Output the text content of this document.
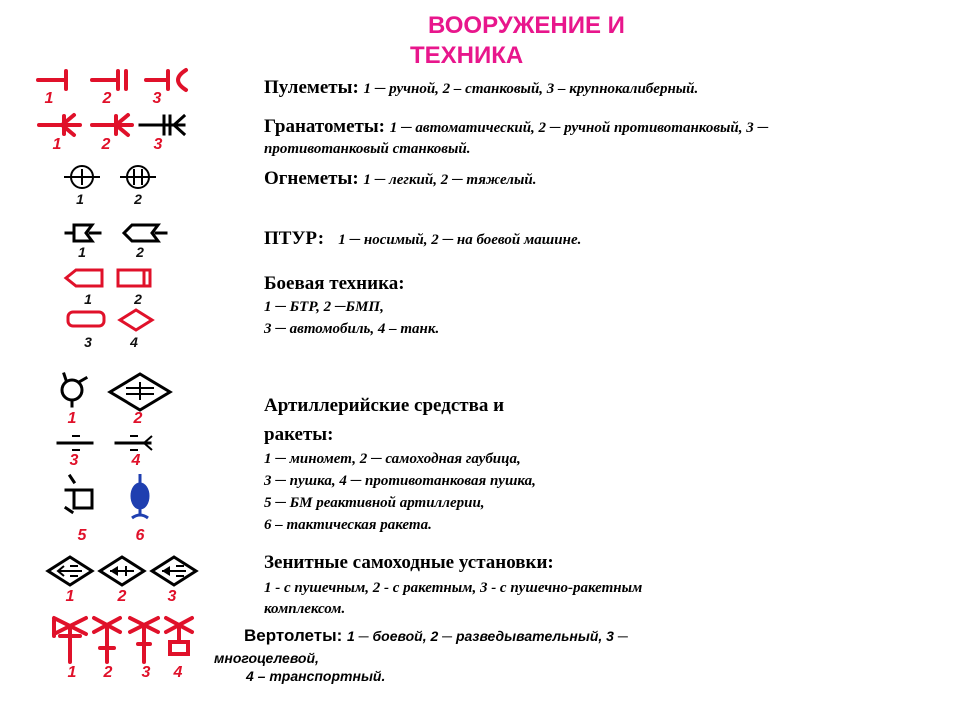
ВООРУЖЕНИЕ И

ТЕХНИКА

1	2	3

Пулеметы: 1 ─ ручной, 2 – станковый, 3 – крупнокалиберный.

1	2	3

Гранатометы: 1 ─ автоматический, 2 ─ ручной противотанковый, 3 ─

противотанковый станковый.

1	2

Огнеметы: 1 ─ легкий, 2 ─ тяжелый.

1	2

ПТУР: 1 ─ носимый, 2 ─ на боевой машине.

1	2
3	4

Боевая техника:

1 ─ БТР, 2 ─БМП,

3 ─ автомобиль, 4 – танк.

1	2
3	4
5	6

Артиллерийские средства и

ракеты:

1 ─ миномет, 2 ─ самоходная гаубица,

3 ─ пушка, 4 ─ противотанковая пушка,

5 ─ БМ реактивной артиллерии,

6 – тактическая ракета.

1	2	3

Зенитные самоходные установки:

1 - с пушечным, 2 - с ракетным, 3 - с пушечно-ракетным

комплексом.

1	2	3	4

Вертолеты: 1 ─ боевой, 2 ─ разведывательный, 3 ─

многоцелевой,

4 – транспортный.
